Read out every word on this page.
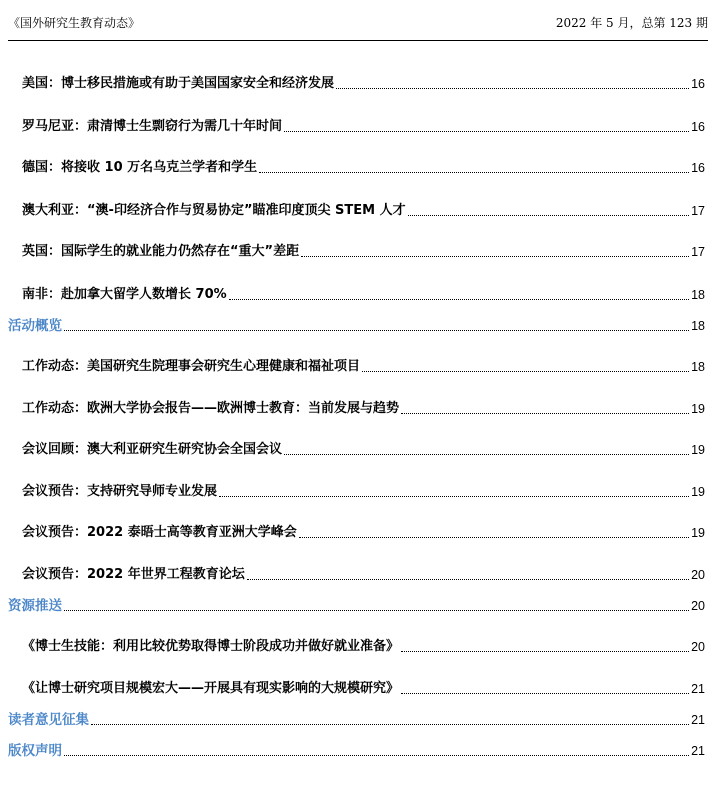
《国外研究生教育动态》	2022 年 5 月，总第 123 期
美国：博士移民措施或有助于美国国家安全和经济发展	16
罗马尼亚：肃清博士生剽窃行为需几十年时间	16
德国：将接收 10 万名乌克兰学者和学生	16
澳大利亚：“澳-印经济合作与贸易协定”瞄准印度顶尖 STEM 人才	17
英国：国际学生的就业能力仍然存在“重大”差距	17
南非：赴加拿大留学人数增长 70%	18
活动概览	18
工作动态：美国研究生院理事会研究生心理健康和福祉项目	18
工作动态：欧洲大学协会报告——欧洲博士教育：当前发展与趋势	19
会议回顾：澳大利亚研究生研究协会全国会议	19
会议预告：支持研究导师专业发展	19
会议预告：2022 泰晤士高等教育亚洲大学峰会	19
会议预告：2022 年世界工程教育论坛	20
资源推送	20
《博士生技能：利用比较优势取得博士阶段成功并做好就业准备》	20
《让博士研究项目规模宏大——开展具有现实影响的大规模研究》	21
读者意见征集	21
版权声明	21
